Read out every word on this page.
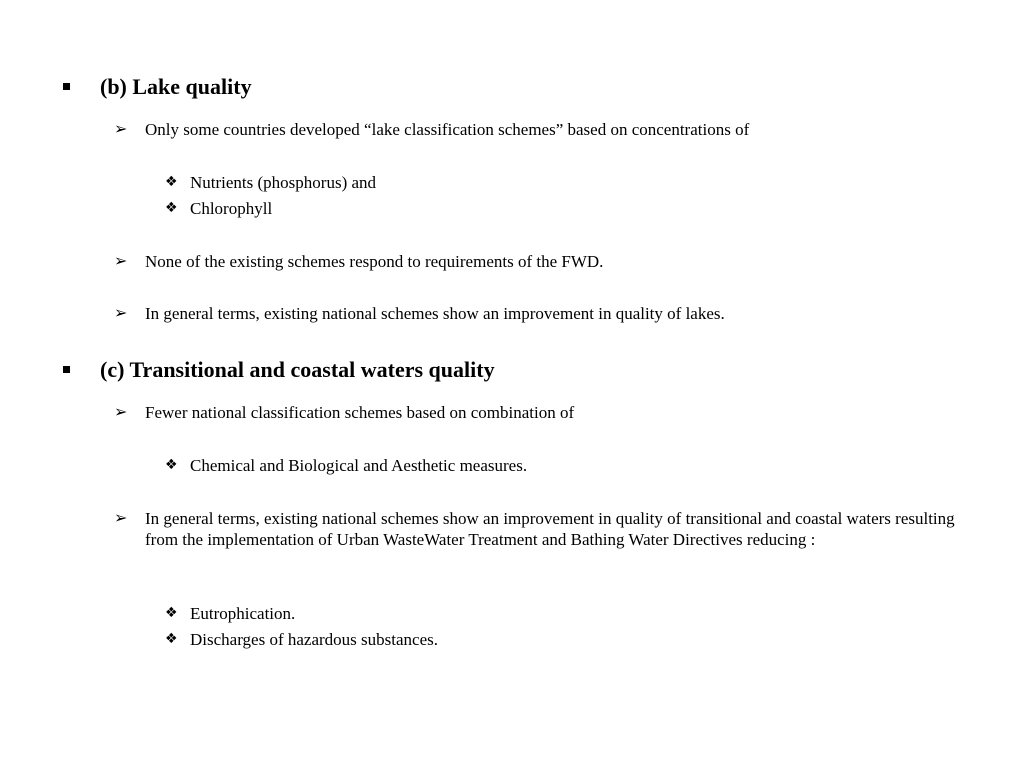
(b) Lake quality
➢ Only some countries developed “lake classification schemes” based on concentrations of
❖ Nutrients (phosphorus) and
❖ Chlorophyll
➢ None of the existing schemes respond to requirements of the FWD.
➢ In general terms, existing national schemes show an improvement in quality of lakes.
(c) Transitional and coastal waters quality
➢ Fewer national classification schemes based on combination of
❖ Chemical and Biological and Aesthetic measures.
➢ In general terms, existing national schemes show an improvement in quality of transitional and coastal waters resulting from the implementation of Urban WasteWater Treatment and Bathing Water Directives reducing :
❖ Eutrophication.
❖ Discharges of hazardous substances.
